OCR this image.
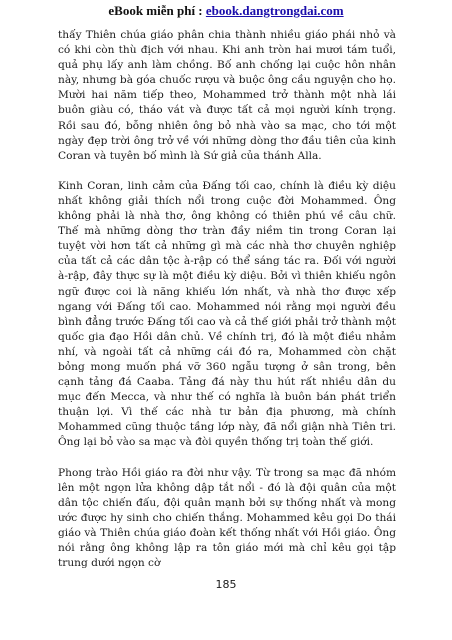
eBook miễn phí : ebook.dangtrongdai.com

thấy Thiên chúa giáo phân chia thành nhiều giáo phái nhỏ và có khi còn thù địch với nhau. Khi anh tròn hai mươi tám tuổi, quả phụ lấy anh làm chồng. Bố anh chống lại cuộc hôn nhân này, nhưng bà góa chuốc rượu và buộc ông cầu nguyện cho họ. Mười hai năm tiếp theo, Mohammed trở thành một nhà lái buôn giàu có, tháo vát và được tất cả mọi người kính trọng. Rồi sau đó, bỗng nhiên ông bỏ nhà vào sa mạc, cho tới một ngày đẹp trời ông trở về với những dòng thơ đầu tiên của kinh Coran và tuyên bố mình là Sứ giả của thánh Alla.

Kinh Coran, linh cảm của Đấng tối cao, chính là điều kỳ diệu nhất không giải thích nổi trong cuộc đời Mohammed. Ông không phải là nhà thơ, ông không có thiên phú về câu chữ. Thế mà những dòng thơ tràn đầy niềm tin trong Coran lại tuyệt vời hơn tất cả những gì mà các nhà thơ chuyên nghiệp của tất cả các dân tộc à-rập có thể sáng tác ra. Đối với người à-rập, đây thực sự là một điều kỳ diệu. Bởi vì thiên khiếu ngôn ngữ được coi là năng khiếu lớn nhất, và nhà thơ được xếp ngang với Đấng tối cao. Mohammed nói rằng mọi người đều bình đẳng trước Đấng tối cao và cả thế giới phải trở thành một quốc gia đạo Hồi dân chủ. Về chính trị, đó là một điều nhảm nhí, và ngoài tất cả những cái đó ra, Mohammed còn chặt bỏng mong muốn phá vỡ 360 ngẫu tượng ở sân trong, bên cạnh tảng đá Caaba. Tảng đá này thu hút rất nhiều dân du mục đến Mecca, và như thế có nghĩa là buôn bán phát triển thuận lợi. Vì thế các nhà tư bản địa phương, mà chính Mohammed cũng thuộc tầng lớp này, đã nổi giận nhà Tiên tri. Ông lại bỏ vào sa mạc và đòi quyền thống trị toàn thế giới.

Phong trào Hồi giáo ra đời như vậy. Từ trong sa mạc đã nhóm lên một ngọn lửa không dập tắt nổi - đó là đội quân của một dân tộc chiến đấu, đội quân mạnh bởi sự thống nhất và mong ước được hy sinh cho chiến thắng. Mohammed kêu gọi Do thái giáo và Thiên chúa giáo đoàn kết thống nhất với Hồi giáo. Ông nói rằng ông không lập ra tôn giáo mới mà chỉ kêu gọi tập trung dưới ngọn cờ

185
